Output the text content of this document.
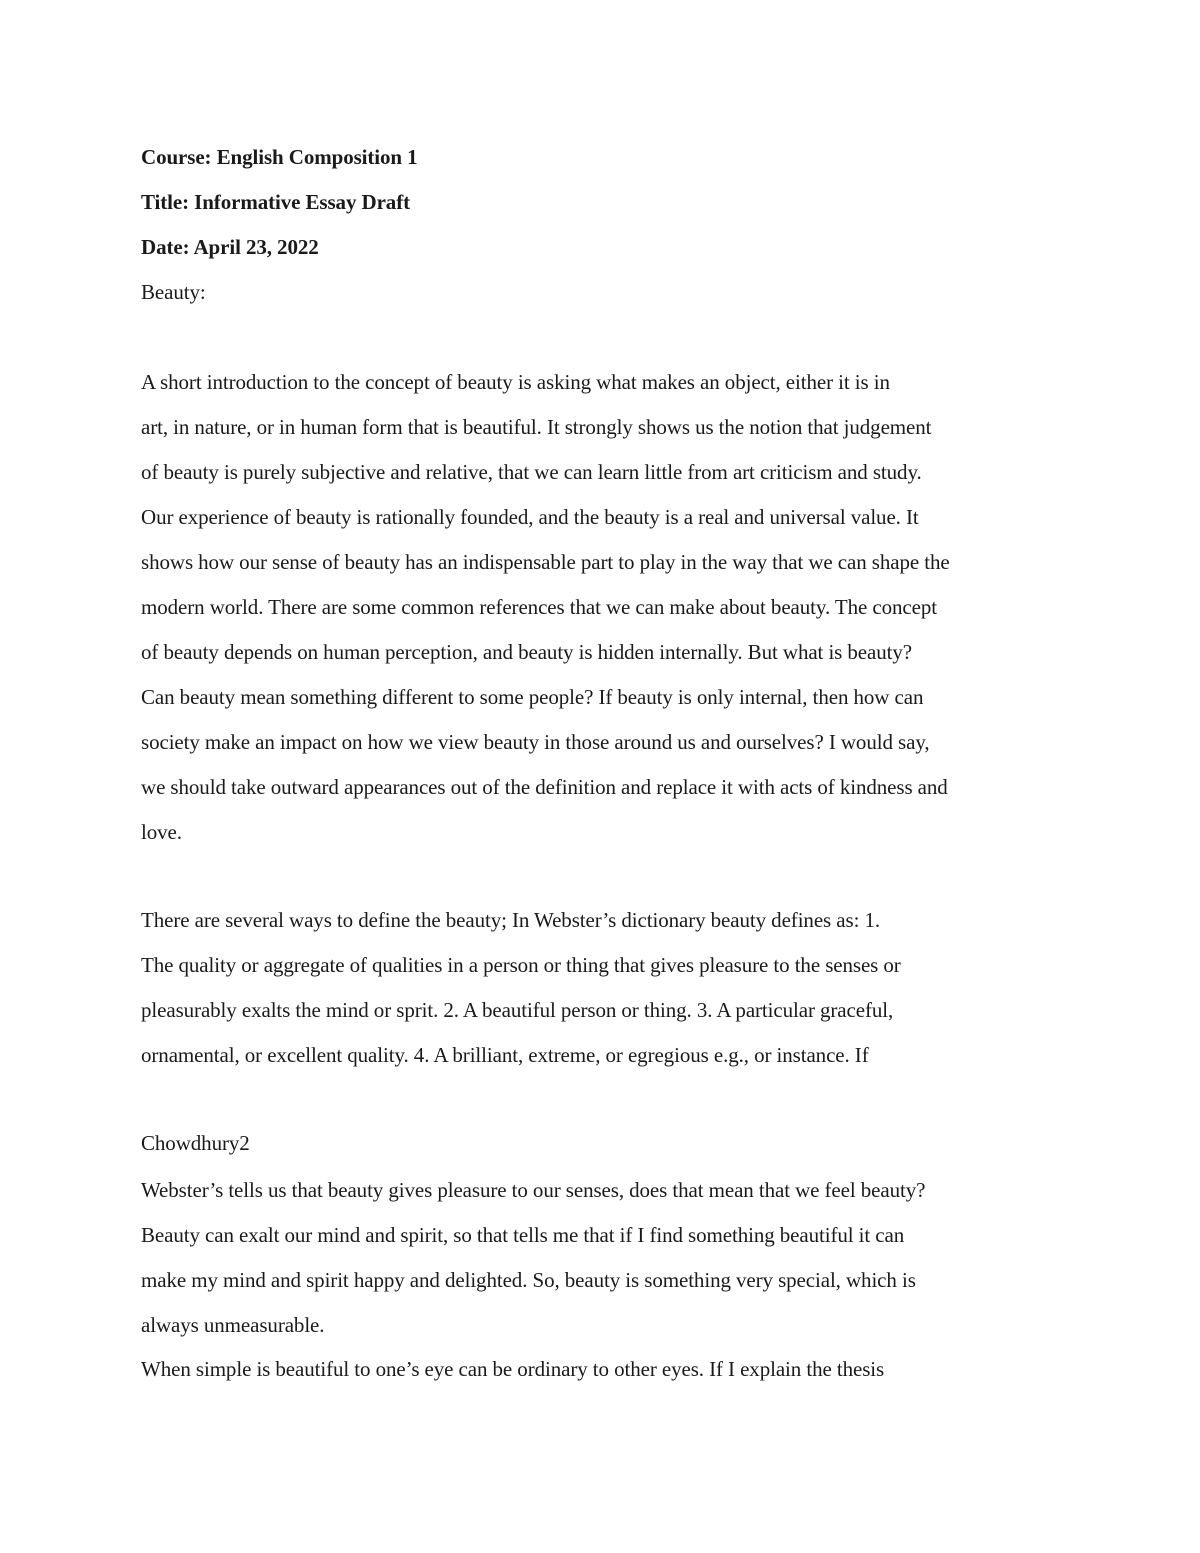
Course: English Composition 1
Title: Informative Essay Draft
Date: April 23, 2022
Beauty:
A short introduction to the concept of beauty is asking what makes an object, either it is in
art, in nature, or in human form that is beautiful. It strongly shows us the notion that judgement
of beauty is purely subjective and relative, that we can learn little from art criticism and study.
Our experience of beauty is rationally founded, and the beauty is a real and universal value. It
shows how our sense of beauty has an indispensable part to play in the way that we can shape the
modern world. There are some common references that we can make about beauty. The concept
of beauty depends on human perception, and beauty is hidden internally. But what is beauty?
Can beauty mean something different to some people? If beauty is only internal, then how can
society make an impact on how we view beauty in those around us and ourselves? I would say,
we should take outward appearances out of the definition and replace it with acts of kindness and
love.
There are several ways to define the beauty; In Webster’s dictionary beauty defines as: 1.
The quality or aggregate of qualities in a person or thing that gives pleasure to the senses or
pleasurably exalts the mind or sprit. 2. A beautiful person or thing. 3. A particular graceful,
ornamental, or excellent quality. 4. A brilliant, extreme, or egregious e.g., or instance. If
Chowdhury2
Webster’s tells us that beauty gives pleasure to our senses, does that mean that we feel beauty?
Beauty can exalt our mind and spirit, so that tells me that if I find something beautiful it can
make my mind and spirit happy and delighted. So, beauty is something very special, which is
always unmeasurable.
When simple is beautiful to one’s eye can be ordinary to other eyes. If I explain the thesis
